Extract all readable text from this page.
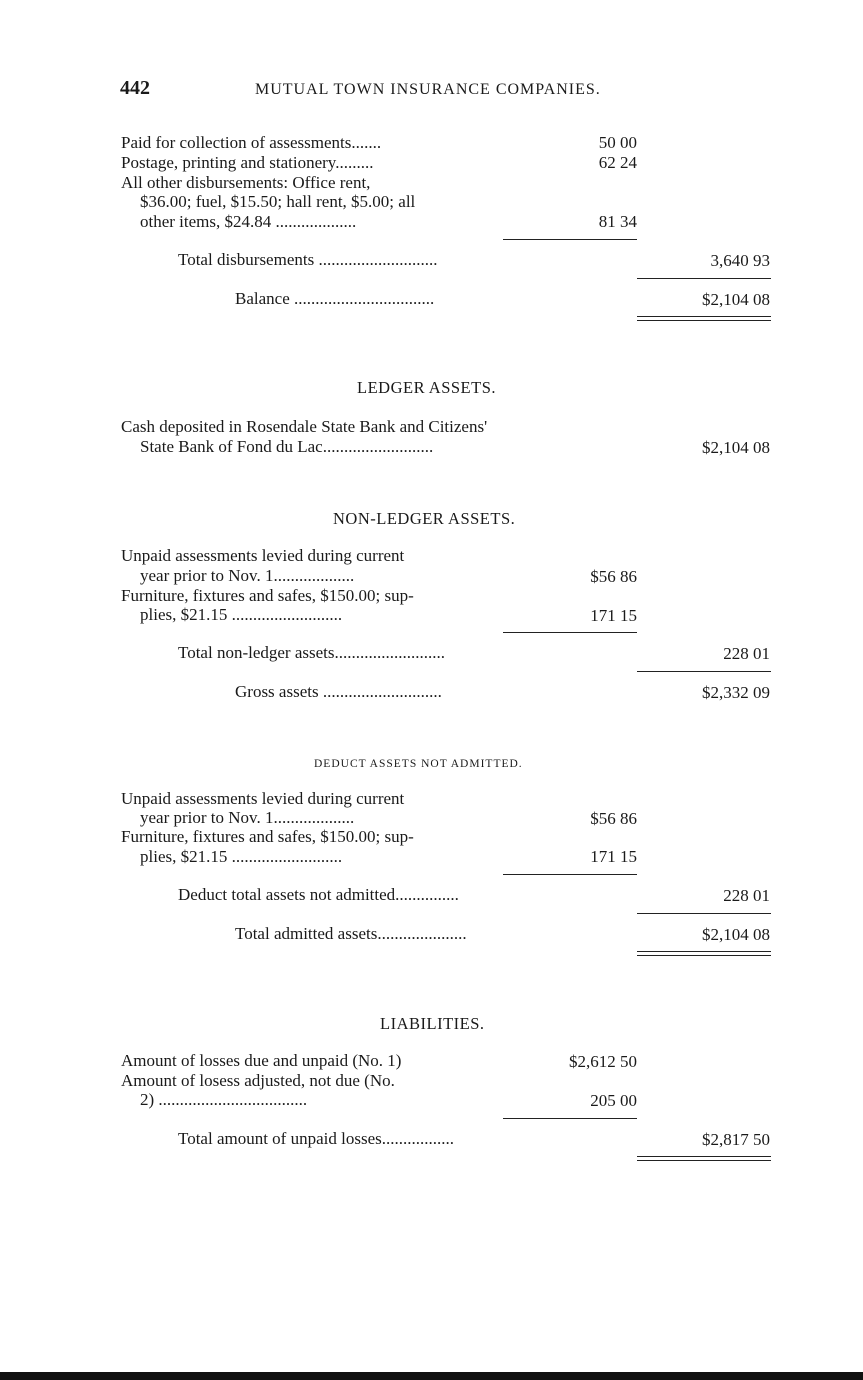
442	MUTUAL TOWN INSURANCE COMPANIES.
Paid for collection of assessments.......	50 00
Postage, printing and stationery.........	62 24
All other disbursements: Office rent,
$36.00; fuel, $15.50; hall rent, $5.00; all
other items, $24.84 ...................	81 34
Total disbursements ............................	3,640 93
Balance .................................	$2,104 08
LEDGER ASSETS.
Cash deposited in Rosendale State Bank and Citizens'
State Bank of Fond du Lac..........................	$2,104 08
NON-LEDGER ASSETS.
Unpaid assessments levied during current
year prior to Nov. 1...................	$56 86
Furniture, fixtures and safes, $150.00; sup-
plies, $21.15 ..........................	171 15
Total non-ledger assets..........................	228 01
Gross assets ............................	$2,332 09
DEDUCT ASSETS NOT ADMITTED.
Unpaid assessments levied during current
year prior to Nov. 1...................	$56 86
Furniture, fixtures and safes, $150.00; sup-
plies, $21.15 ..........................	171 15
Deduct total assets not admitted...............	228 01
Total admitted assets.....................	$2,104 08
LIABILITIES.
Amount of losses due and unpaid (No. 1)	$2,612 50
Amount of losess adjusted, not due (No.
2) ...................................	205 00
Total amount of unpaid losses.................	$2,817 50
